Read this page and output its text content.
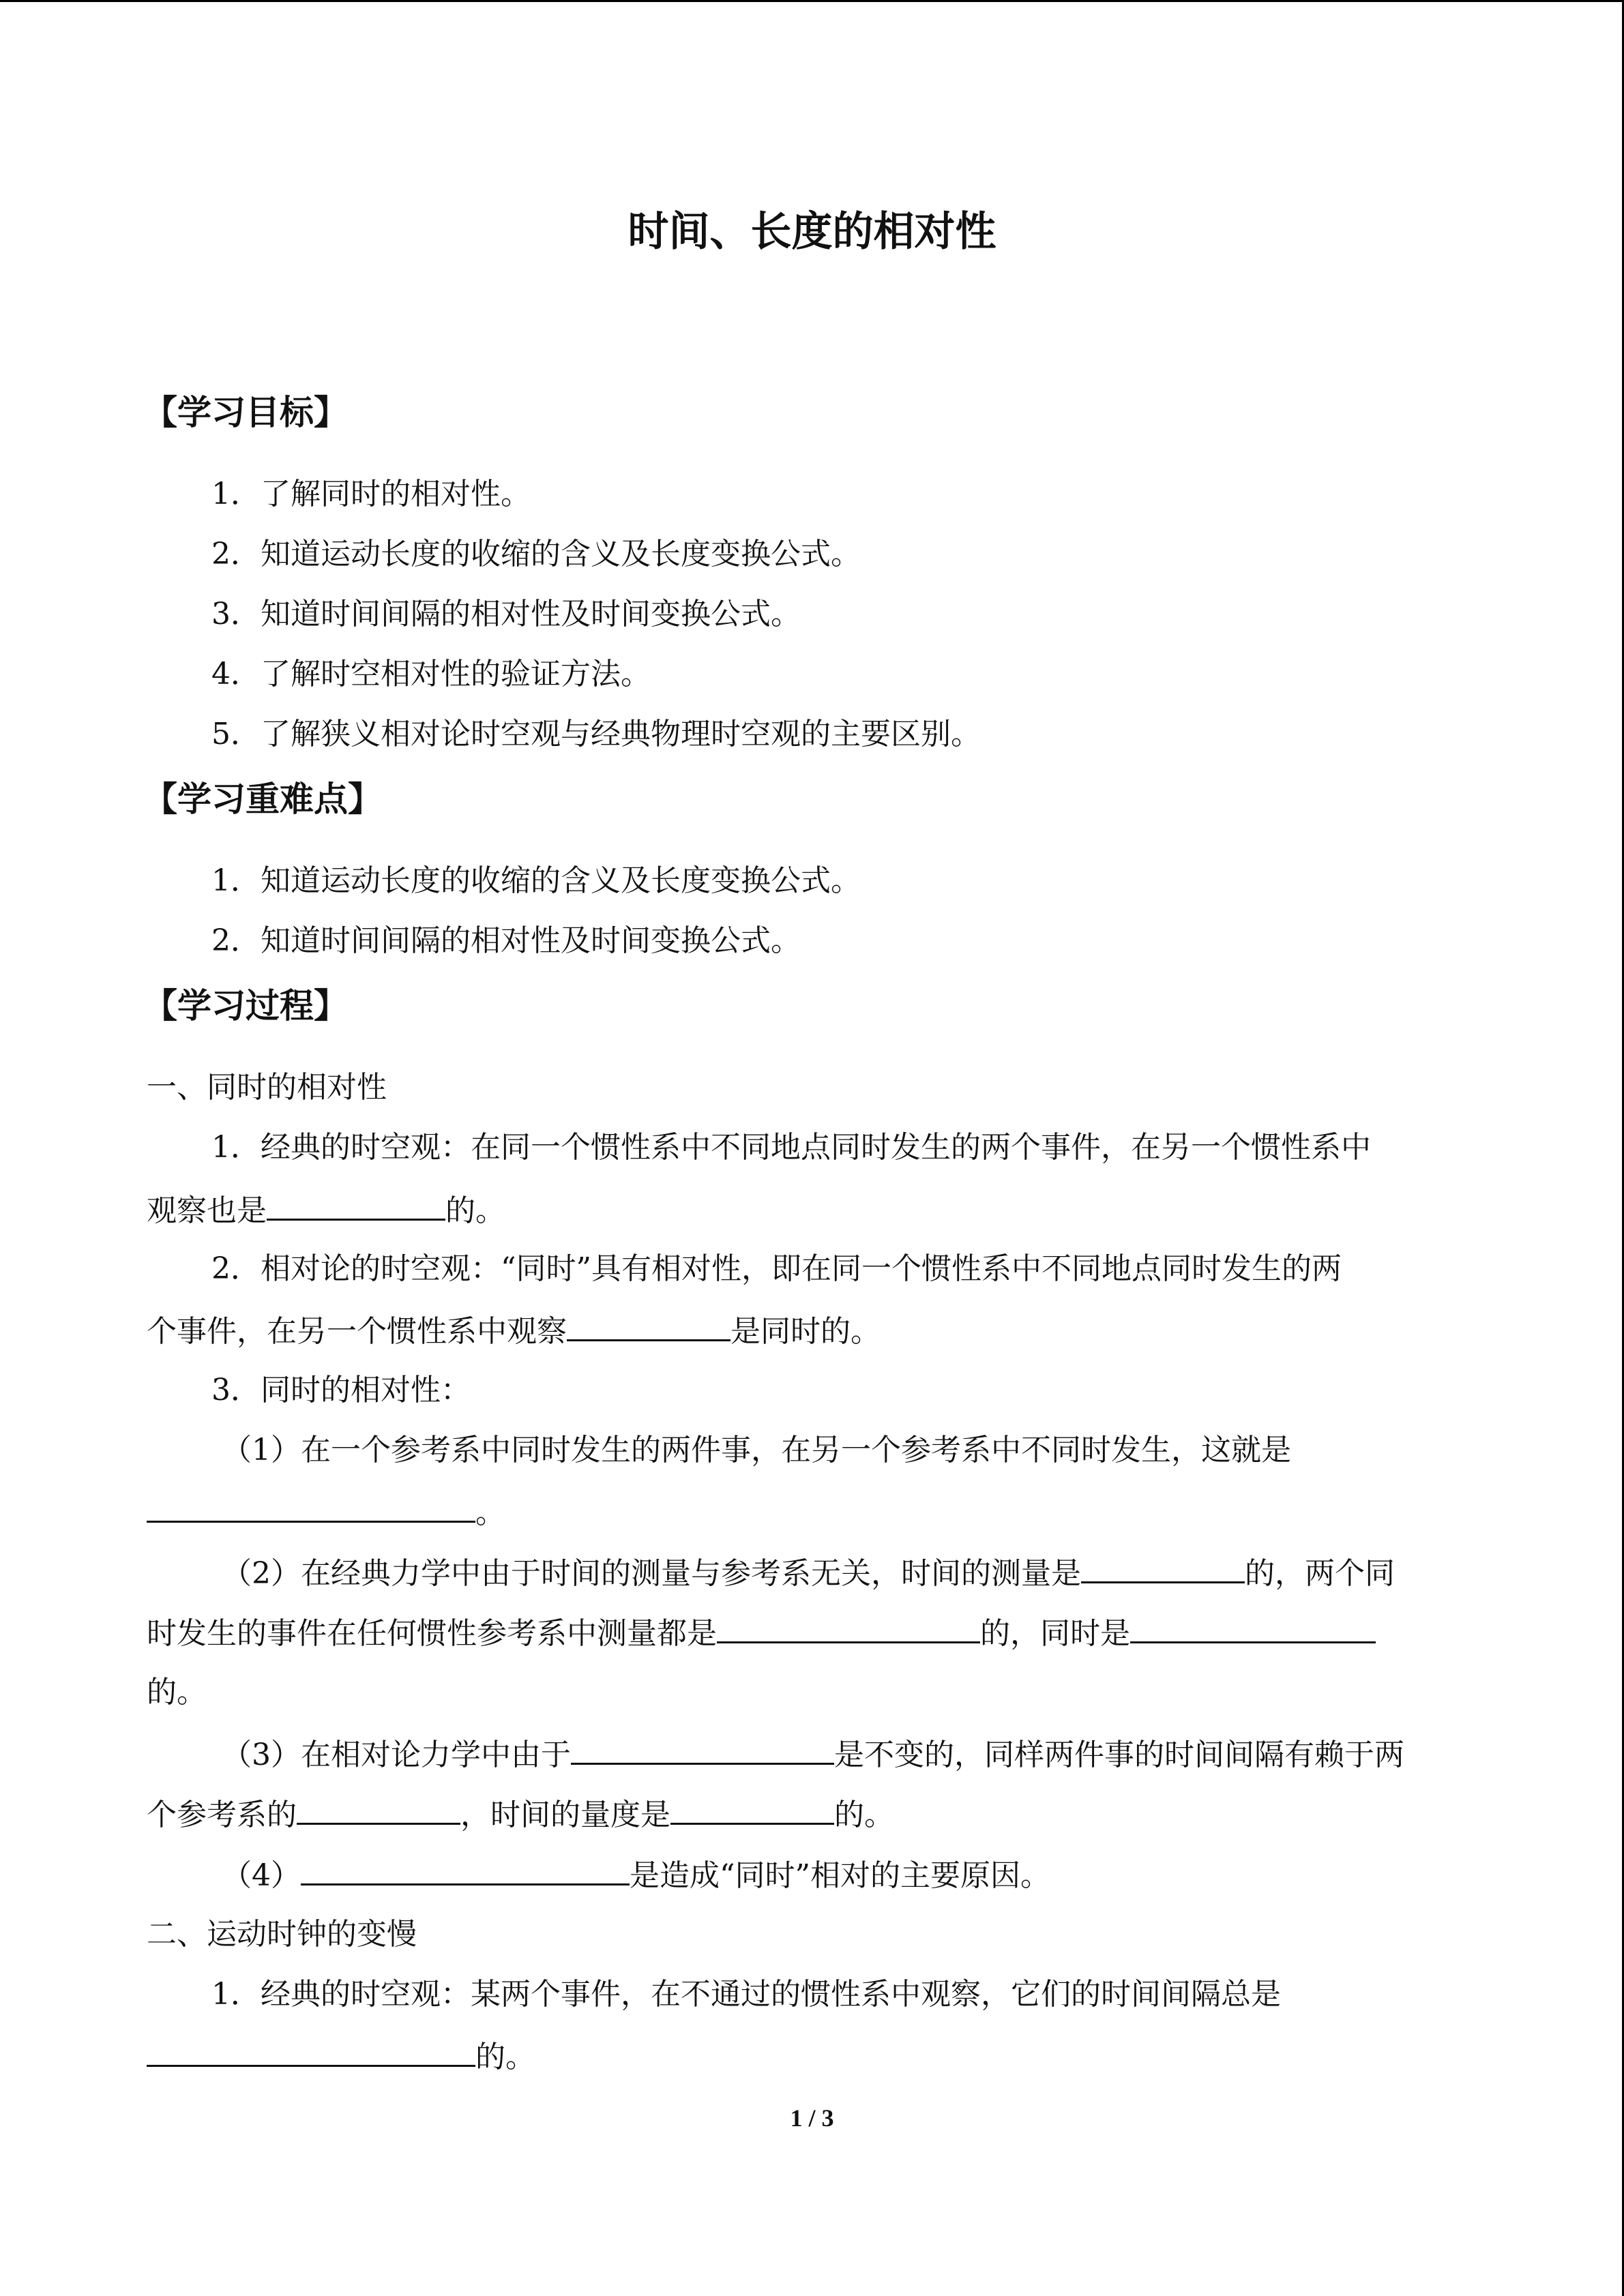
时间、长度的相对性
【学习目标】
1．了解同时的相对性。
2．知道运动长度的收缩的含义及长度变换公式。
3．知道时间间隔的相对性及时间变换公式。
4．了解时空相对性的验证方法。
5．了解狭义相对论时空观与经典物理时空观的主要区别。
【学习重难点】
1．知道运动长度的收缩的含义及长度变换公式。
2．知道时间间隔的相对性及时间变换公式。
【学习过程】
一、同时的相对性
1．经典的时空观：在同一个惯性系中不同地点同时发生的两个事件，在另一个惯性系中
观察也是	的。
2．相对论的时空观：“同时”具有相对性，即在同一个惯性系中不同地点同时发生的两
个事件，在另一个惯性系中观察	是同时的。
3．同时的相对性：
（1）在一个参考系中同时发生的两件事，在另一个参考系中不同时发生，这就是
。
（2）在经典力学中由于时间的测量与参考系无关，时间的测量是	的，两个同
时发生的事件在任何惯性参考系中测量都是	的，同时是
的。
（3）在相对论力学中由于	是不变的，同样两件事的时间间隔有赖于两
个参考系的	，时间的量度是	的。
（4）	是造成“同时”相对的主要原因。
二、运动时钟的变慢
1．经典的时空观：某两个事件，在不通过的惯性系中观察，它们的时间间隔总是
的。
1 / 3
